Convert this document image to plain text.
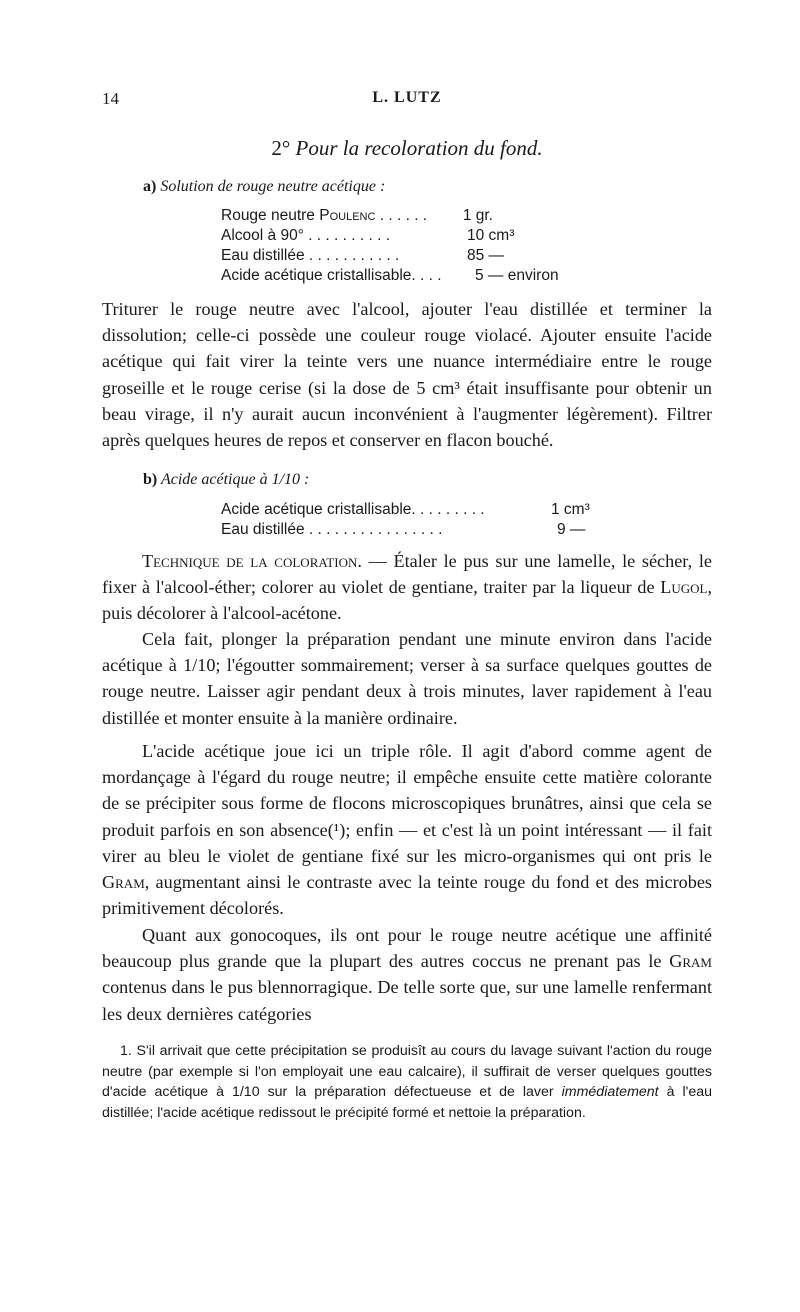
14	L. LUTZ
2° Pour la recoloration du fond.
a) Solution de rouge neutre acétique :
Rouge neutre Poulenc . . . . . .	1 gr.
Alcool à 90° . . . . . . . . . .	10 cm³
Eau distillée . . . . . . . . . . .	85 —
Acide acétique cristallisable. . . .	5 — environ

Triturer le rouge neutre avec l'alcool, ajouter l'eau distillée et terminer la dissolution; celle-ci possède une couleur rouge violacé. Ajouter ensuite l'acide acétique qui fait virer la teinte vers une nuance intermédiaire entre le rouge groseille et le rouge cerise (si la dose de 5 cm³ était insuffisante pour obtenir un beau virage, il n'y aurait aucun inconvénient à l'augmenter légèrement). Filtrer après quelques heures de repos et conserver en flacon bouché.

b) Acide acétique à 1/10 :
Acide acétique cristallisable. . . . . . . . .	1 cm³
Eau distillée . . . . . . . . . . . . . . . .	9 —

Technique de la coloration. — Étaler le pus sur une lamelle, le sécher, le fixer à l'alcool-éther; colorer au violet de gentiane, traiter par la liqueur de Lugol, puis décolorer à l'alcool-acétone.

Cela fait, plonger la préparation pendant une minute environ dans l'acide acétique à 1/10; l'égoutter sommairement; verser à sa surface quelques gouttes de rouge neutre. Laisser agir pendant deux à trois minutes, laver rapidement à l'eau distillée et monter ensuite à la manière ordinaire.

L'acide acétique joue ici un triple rôle. Il agit d'abord comme agent de mordançage à l'égard du rouge neutre; il empêche ensuite cette matière colorante de se précipiter sous forme de flocons microscopiques brunâtres, ainsi que cela se produit parfois en son absence(¹); enfin — et c'est là un point intéressant — il fait virer au bleu le violet de gentiane fixé sur les micro-organismes qui ont pris le Gram, augmentant ainsi le contraste avec la teinte rouge du fond et des microbes primitivement décolorés.

Quant aux gonocoques, ils ont pour le rouge neutre acétique une affinité beaucoup plus grande que la plupart des autres coccus ne prenant pas le Gram contenus dans le pus blennorragique. De telle sorte que, sur une lamelle renfermant les deux dernières catégories

1. S'il arrivait que cette précipitation se produisît au cours du lavage suivant l'action du rouge neutre (par exemple si l'on employait une eau calcaire), il suffirait de verser quelques gouttes d'acide acétique à 1/10 sur la préparation défectueuse et de laver immédiatement à l'eau distillée; l'acide acétique redissout le précipité formé et nettoie la préparation.
